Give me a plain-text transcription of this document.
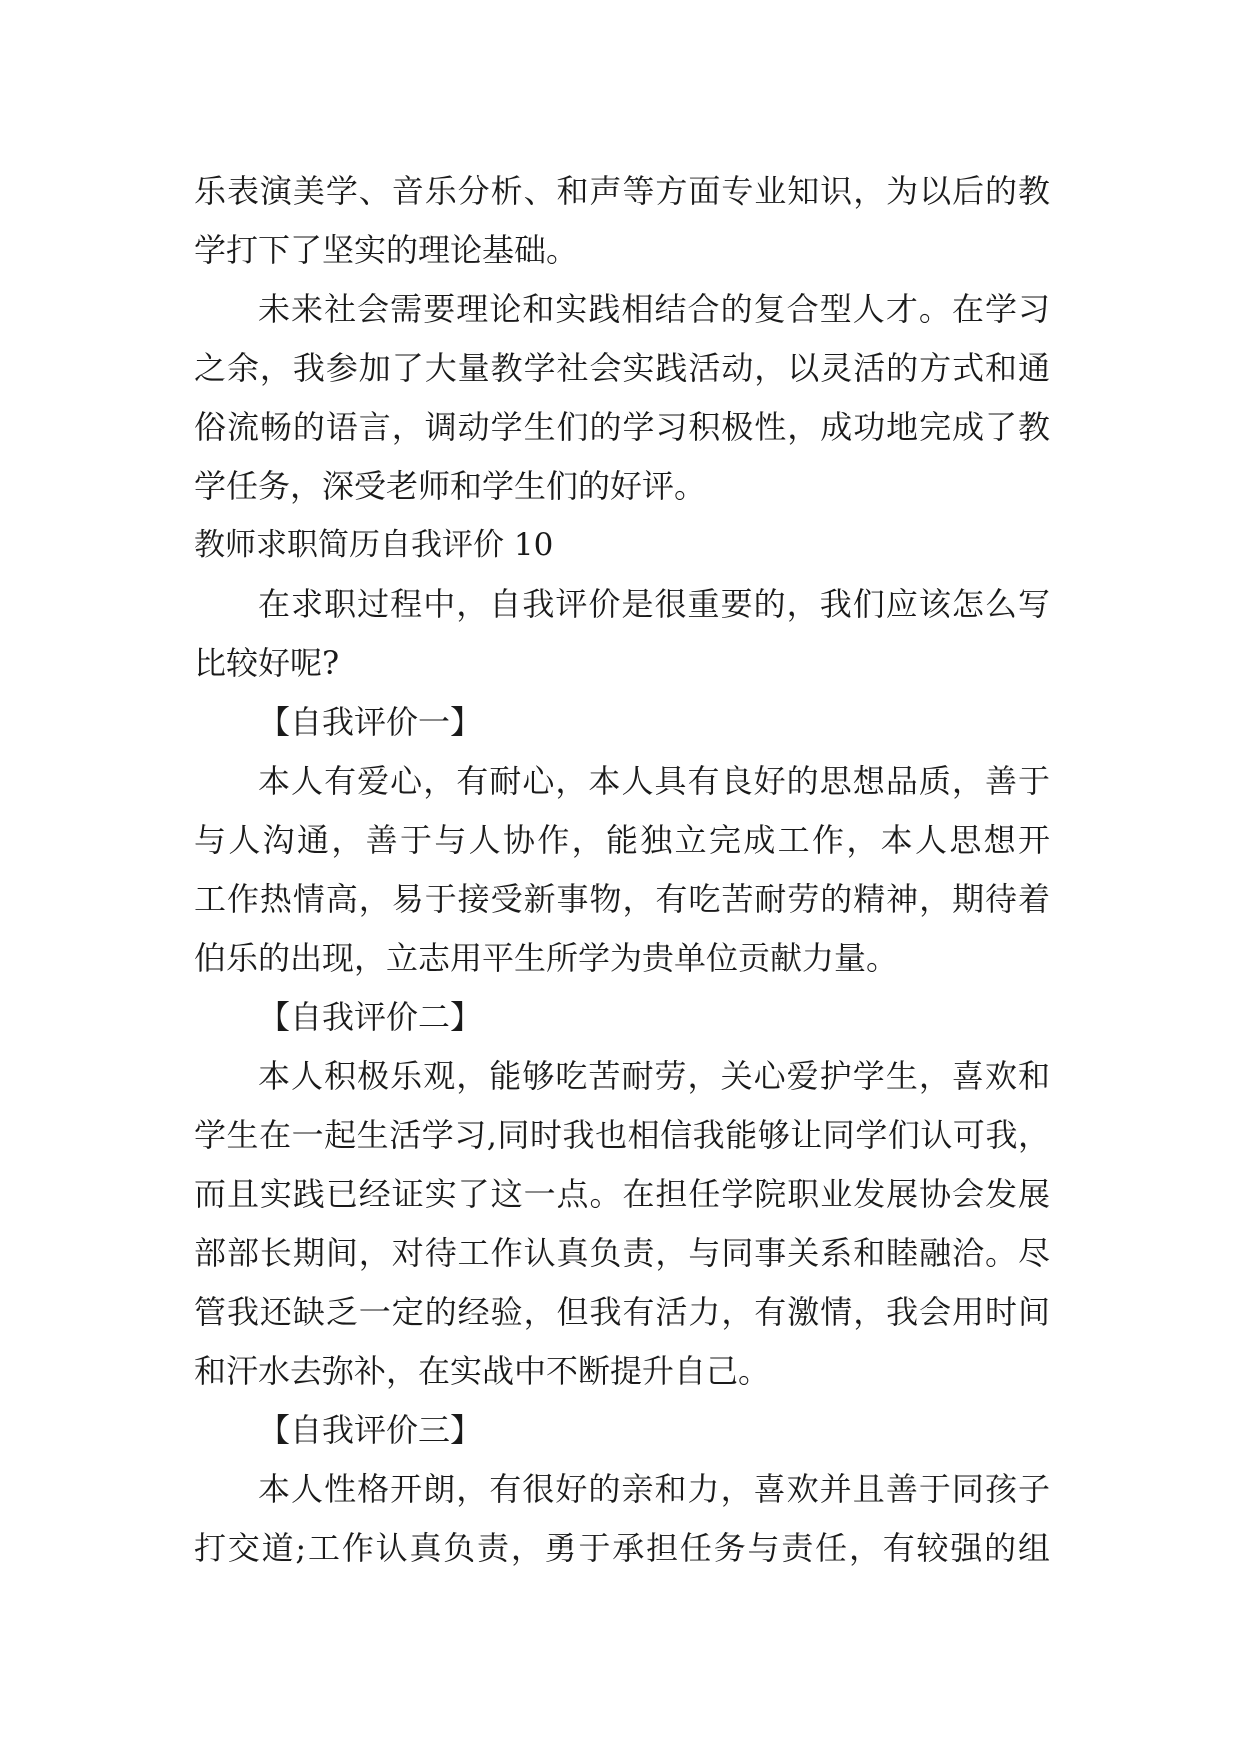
乐表演美学、音乐分析、和声等方面专业知识，为以后的教

学打下了坚实的理论基础。

未来社会需要理论和实践相结合的复合型人才。在学习

之余，我参加了大量教学社会实践活动，以灵活的方式和通

俗流畅的语言，调动学生们的学习积极性，成功地完成了教

学任务，深受老师和学生们的好评。

教师求职简历自我评价 10

在求职过程中，自我评价是很重要的，我们应该怎么写

比较好呢?

【自我评价一】

本人有爱心，有耐心，本人具有良好的思想品质，善于

与人沟通，善于与人协作，能独立完成工作，本人思想开

工作热情高，易于接受新事物，有吃苦耐劳的精神，期待着

伯乐的出现，立志用平生所学为贵单位贡献力量。

【自我评价二】

本人积极乐观，能够吃苦耐劳，关心爱护学生，喜欢和

学生在一起生活学习,同时我也相信我能够让同学们认可我，

而且实践已经证实了这一点。在担任学院职业发展协会发展

部部长期间，对待工作认真负责，与同事关系和睦融洽。尽

管我还缺乏一定的经验，但我有活力，有激情，我会用时间

和汗水去弥补，在实战中不断提升自己。

【自我评价三】

本人性格开朗，有很好的亲和力，喜欢并且善于同孩子

打交道;工作认真负责，勇于承担任务与责任，有较强的组
